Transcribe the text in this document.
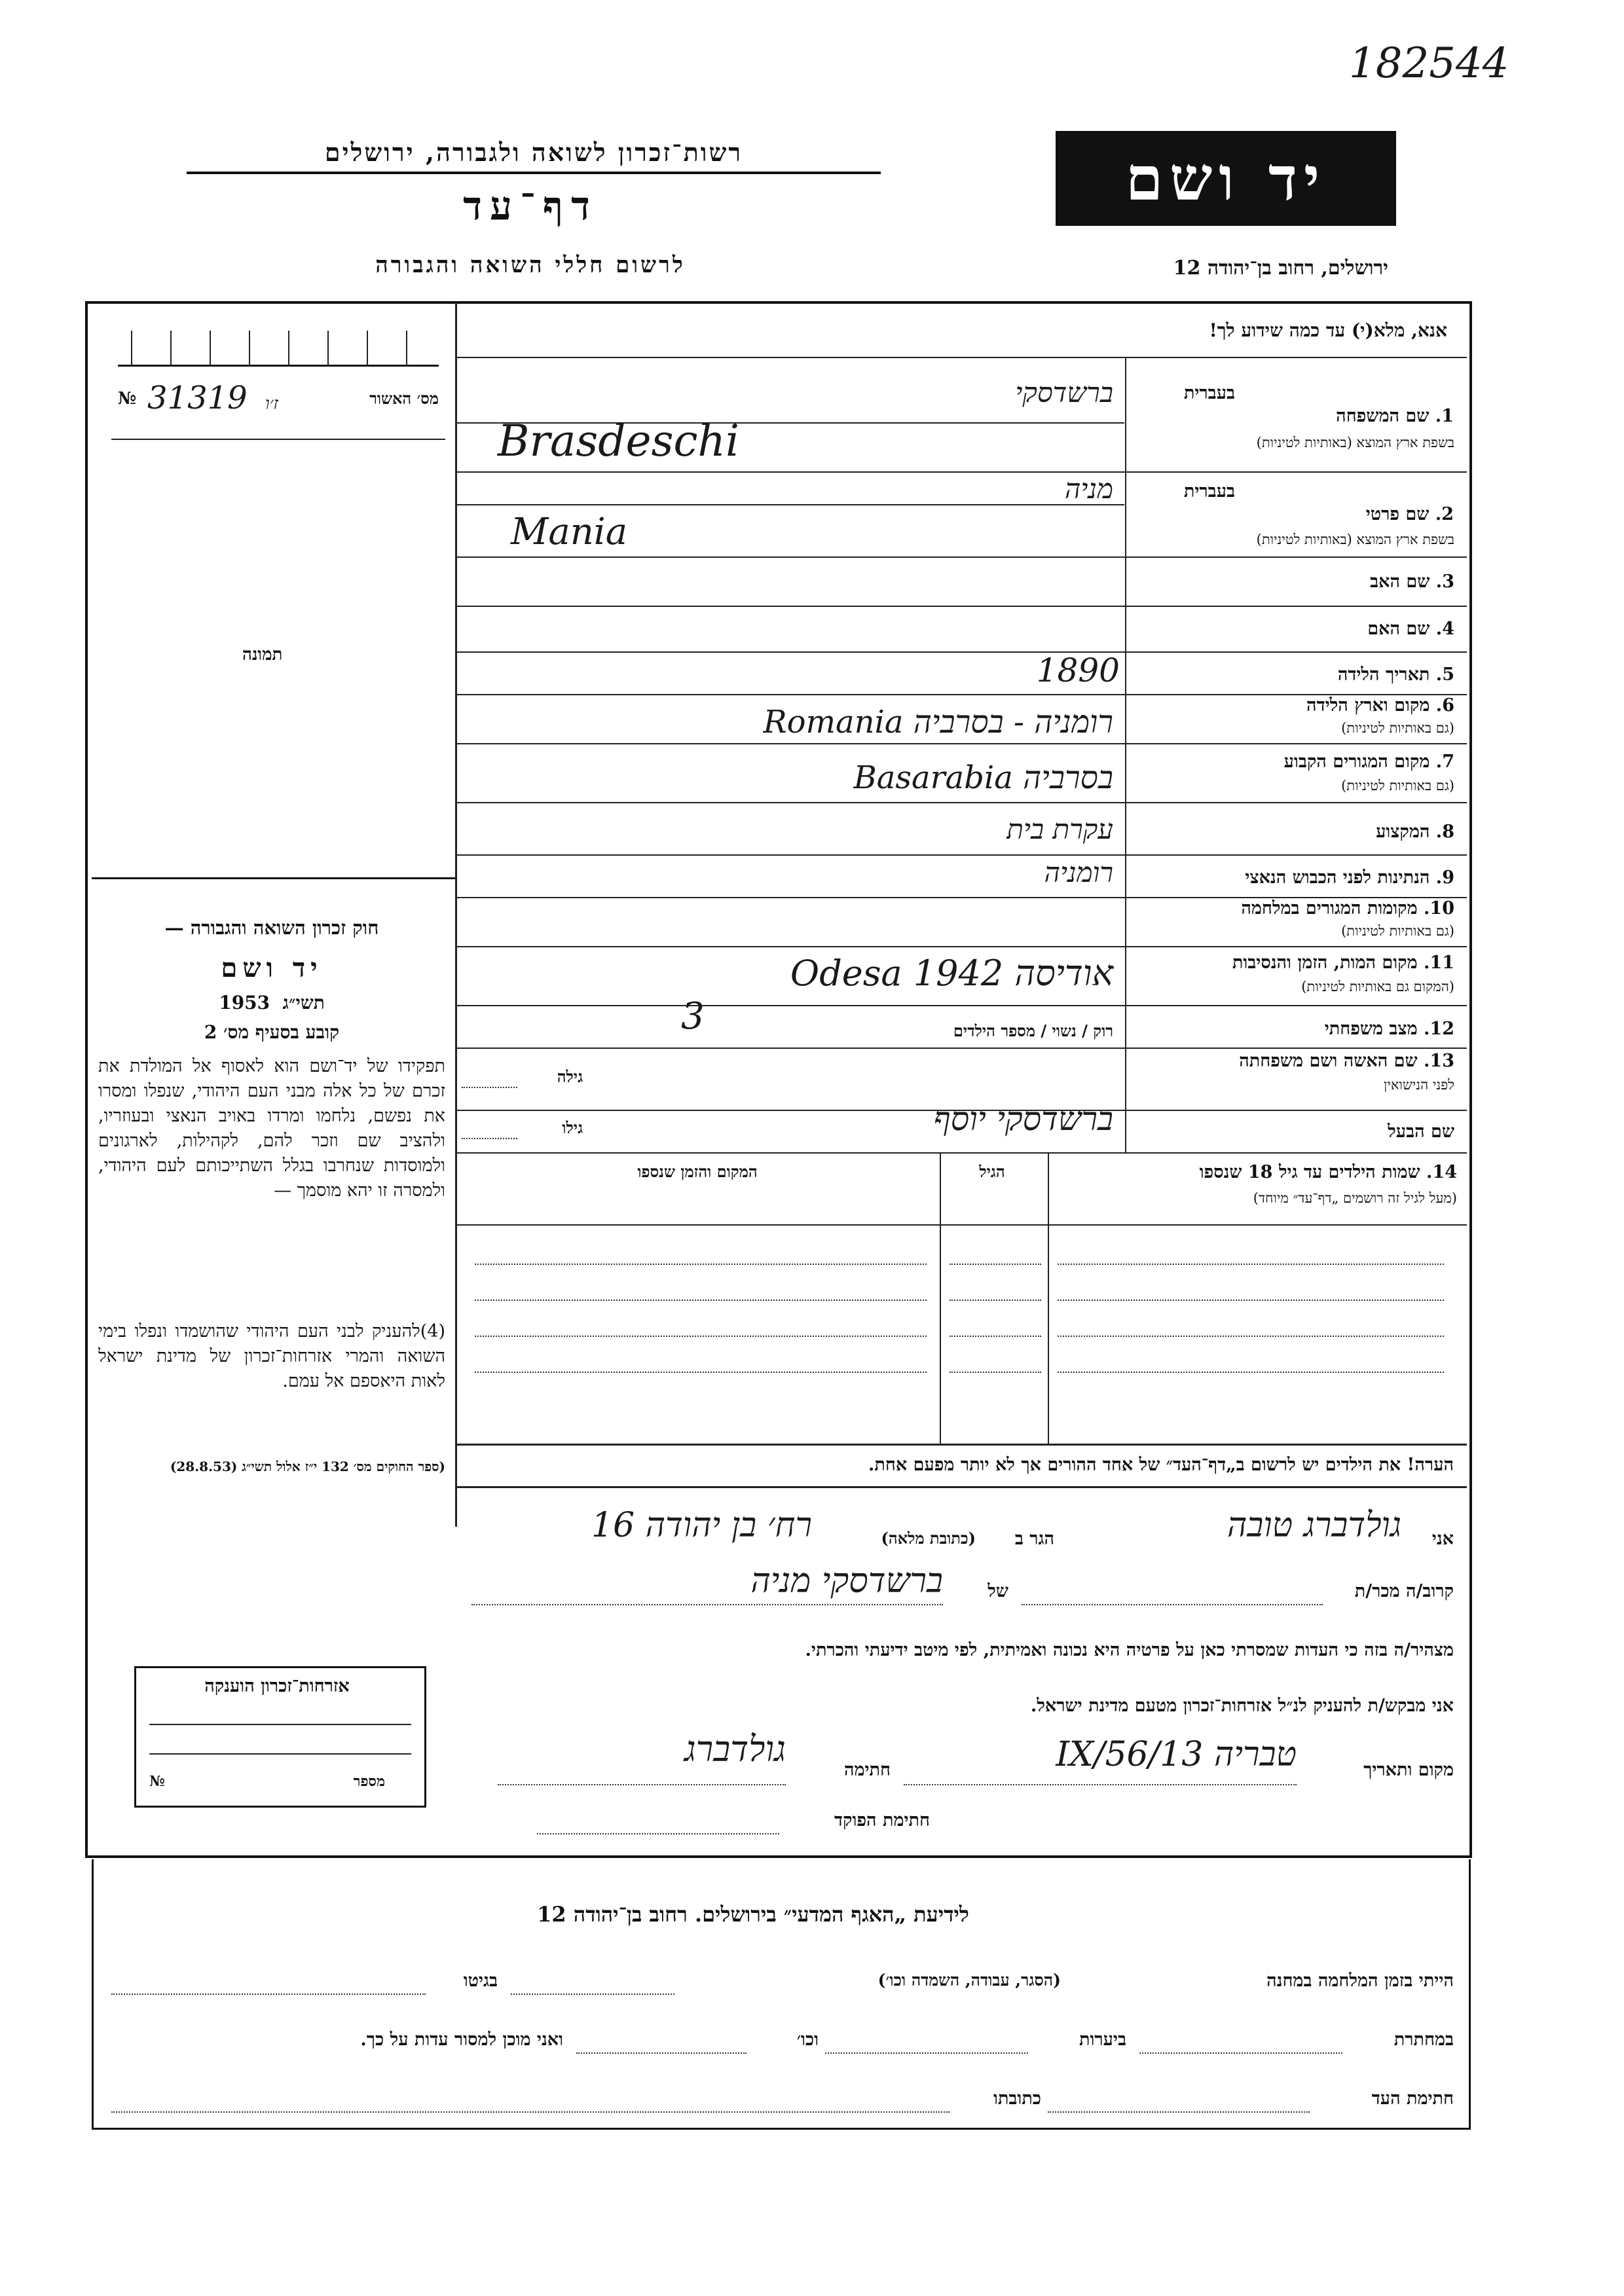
182544
רשות־זכרון לשואה ולגבורה, ירושלים
דף־עד
לרשום חללי השואה והגבורה
יד ושם
ירושלים, רחוב בן־יהודה 12
אנא, מלא(י) עד כמה שידוע לך!
מס׳ האשור
№ 31319 ז׳ו
תמונה
חוק זכרון השואה והגבורה —
יד ושם
1953 תשי״ג
קובע בסעיף מס׳ 2
תפקידו של יד־ושם הוא לאסוף אל המולדת את זכרם של כל אלה מבני העם היהודי, שנפלו ומסרו את נפשם, נלחמו ומרדו באויב הנאצי ובעוזריו, ולהציב שם וזכר להם, לקהילות, לארגונים ולמוסדות שנחרבו בגלל השתייכותם לעם היהודי, ולמסרה זו יהא מוסמך —
(4)להעניק לבני העם היהודי שהושמדו ונפלו בימי השואה והמרי אזרחות־זכרון של מדינת ישראל לאות היאספם אל עמם.
(ספר החוקים מס׳ 132 י״ז אלול תשי״ג (28.8.53)
בעברית
1. שם המשפחה
בשפת ארץ המוצא (באותיות לטיניות)
ברשדסקי
Brasdeschi
בעברית
2. שם פרטי
בשפת ארץ המוצא (באותיות לטיניות)
מניה
Mania
3. שם האב
4. שם האם
5. תאריך הלידה
1890
6. מקום וארץ הלידה
(גם באותיות לטיניות)
רומניה - בסרביה Romania
7. מקום המגורים הקבוע
(גם באותיות לטיניות)
בסרביה Basarabia
8. המקצוע
עקרת בית
9. הנתינות לפני הכבוש הנאצי
רומניה
10. מקומות המגורים במלחמה
(גם באותיות לטיניות)
11. מקום המות, הזמן והנסיבות
(המקום גם באותיות לטיניות)
אודיסה Odesa 1942
12. מצב משפחתי
רוק / נשוי / מספר הילדים
3
13. שם האשה ושם משפחתה
לפני הנישואין
גילה
שם הבעל
גילו	ברשדסקי יוסף
14. שמות הילדים עד גיל 18 שנספו
(מעל לגיל זה רושמים „דף־עד״ מיוחד)
הגיל
המקום והזמן שנספו
הערה! את הילדים יש לרשום ב„דף־העד״ של אחד ההורים אך לא יותר מפעם אחת.
אני
גולדברג טובה
הגר ב
(כתובת מלאה)
רח׳ בן יהודה 16
קרוב/ה מכר/ת
של
ברשדסקי מניה
מצהיר/ה בזה כי העדות שמסרתי כאן על פרטיה היא נכונה ואמיתית, לפי מיטב ידיעתי והכרתי.
אני מבקש/ת להעניק לנ״ל אזרחות־זכרון מטעם מדינת ישראל.
מקום ותאריך
טבריה 13/IX/56
חתימה
גולדברג
חתימת הפוקד
אזרחות־זכרון הוענקה
מספר
№
לידיעת „האגף המדעי״ בירושלים. רחוב בן־יהודה 12
הייתי בזמן המלחמה במחנה
(הסגר, עבודה, השמדה וכו׳)
בגיטו
במחתרת
ביערות
וכו׳
ואני מוכן למסור עדות על כך.
חתימת העד
כתובתו
